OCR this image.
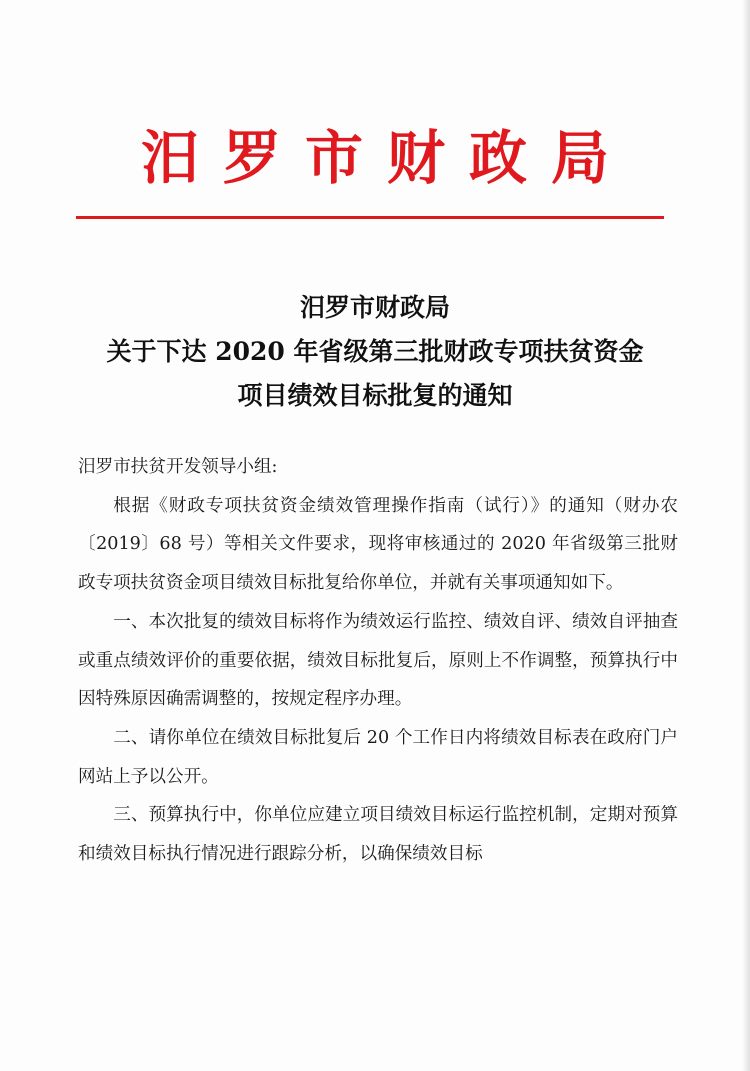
汨罗市财政局
汨罗市财政局
关于下达 2020 年省级第三批财政专项扶贫资金
项目绩效目标批复的通知

汨罗市扶贫开发领导小组:

根据《财政专项扶贫资金绩效管理操作指南（试行）》的通知（财办农〔2019〕68 号）等相关文件要求，现将审核通过的 2020 年省级第三批财政专项扶贫资金项目绩效目标批复给你单位，并就有关事项通知如下。

一、本次批复的绩效目标将作为绩效运行监控、绩效自评、绩效自评抽查或重点绩效评价的重要依据，绩效目标批复后，原则上不作调整，预算执行中因特殊原因确需调整的，按规定程序办理。

二、请你单位在绩效目标批复后 20 个工作日内将绩效目标表在政府门户网站上予以公开。

三、预算执行中，你单位应建立项目绩效目标运行监控机制，定期对预算和绩效目标执行情况进行跟踪分析，以确保绩效目标
